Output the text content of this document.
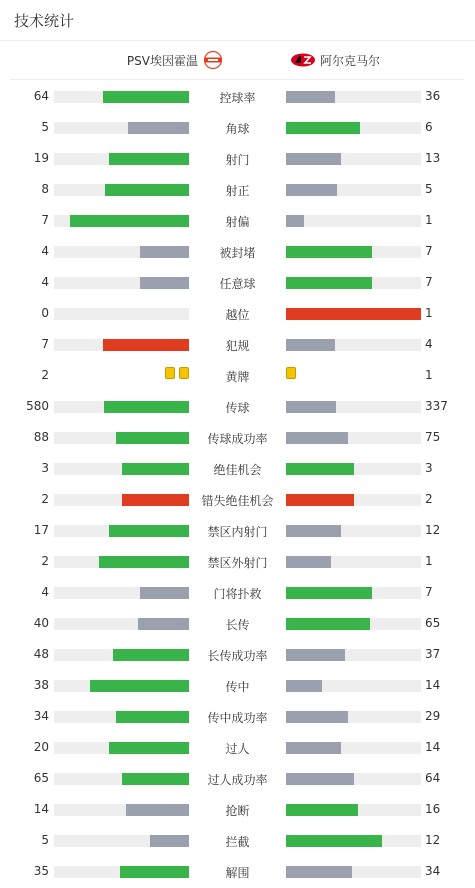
技术统计
PSV埃因霍温	阿尔克马尔
64	控球率	36
5	角球	6
19	射门	13
8	射正	5
7	射偏	1
4	被封堵	7
4	任意球	7
0	越位	1
7	犯规	4
2	黄牌	1
580	传球	337
88	传球成功率	75
3	绝佳机会	3
2	错失绝佳机会	2
17	禁区内射门	12
2	禁区外射门	1
4	门将扑救	7
40	长传	65
48	长传成功率	37
38	传中	14
34	传中成功率	29
20	过人	14
65	过人成功率	64
14	抢断	16
5	拦截	12
35	解围	34
